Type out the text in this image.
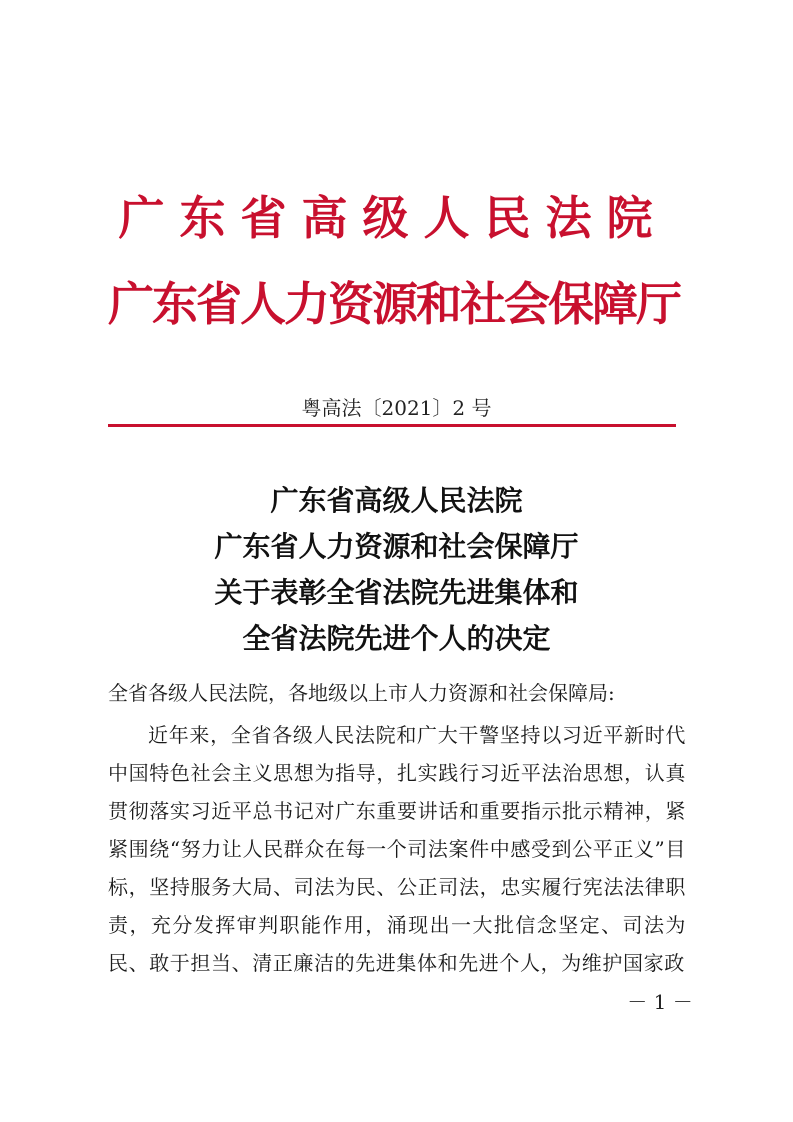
广东省高级人民法院
广东省人力资源和社会保障厅
粤高法〔2021〕2 号
广东省高级人民法院
广东省人力资源和社会保障厅
关于表彰全省法院先进集体和
全省法院先进个人的决定
全省各级人民法院，各地级以上市人力资源和社会保障局:
近年来，全省各级人民法院和广大干警坚持以习近平新时代中国特色社会主义思想为指导，扎实践行习近平法治思想，认真贯彻落实习近平总书记对广东重要讲话和重要指示批示精神，紧紧围绕“努力让人民群众在每一个司法案件中感受到公平正义”目标，坚持服务大局、司法为民、公正司法，忠实履行宪法法律职责，充分发挥审判职能作用，涌现出一大批信念坚定、司法为民、敢于担当、清正廉洁的先进集体和先进个人，为维护国家政
－ 1 －
